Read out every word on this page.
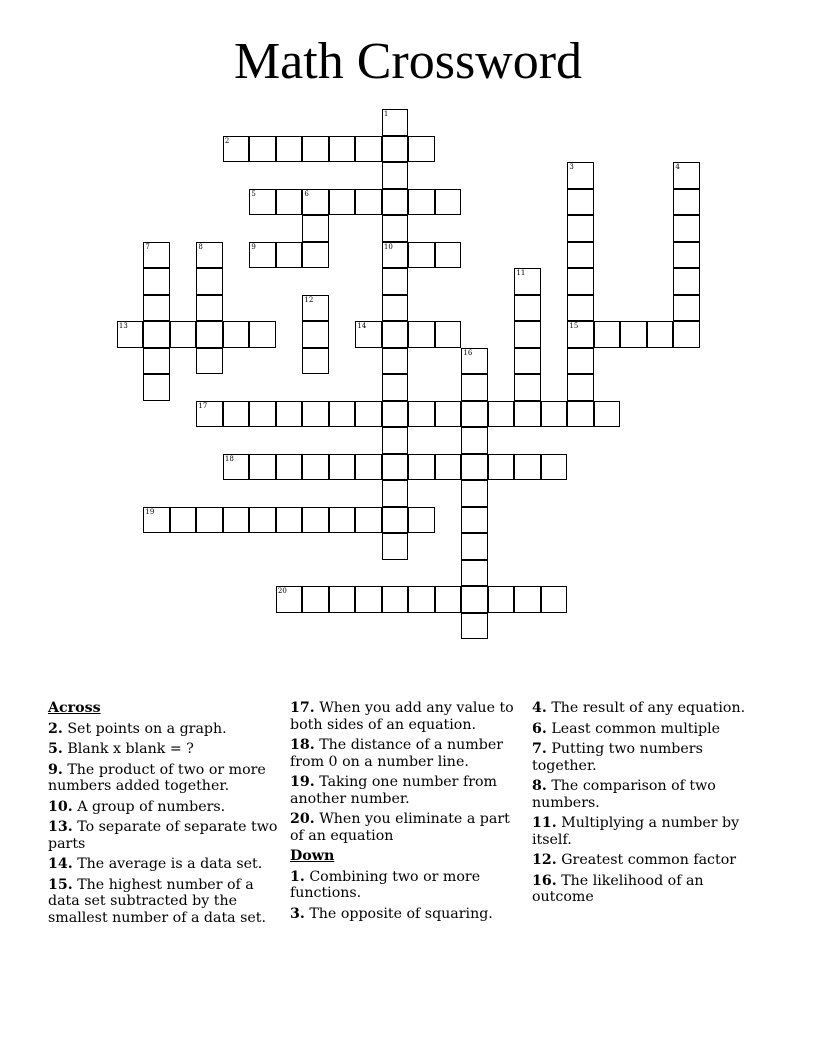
Math Crossword
1
10
2
3
15
4
5	6
7	8	9
11
12
13	14
16
17
18
19
20
Across
2. Set points on a graph.
5. Blank x blank = ?
9. The product of two or more numbers added together.
10. A group of numbers.
13. To separate of separate two parts
14. The average is a data set.
15. The highest number of a data set subtracted by the smallest number of a data set.
17. When you add any value to both sides of an equation.
18. The distance of a number from 0 on a number line.
19. Taking one number from another number.
20. When you eliminate a part of an equation
Down
1. Combining two or more functions.
3. The opposite of squaring.
4. The result of any equation.
6. Least common multiple
7. Putting two numbers together.
8. The comparison of two numbers.
11. Multiplying a number by itself.
12. Greatest common factor
16. The likelihood of an outcome
